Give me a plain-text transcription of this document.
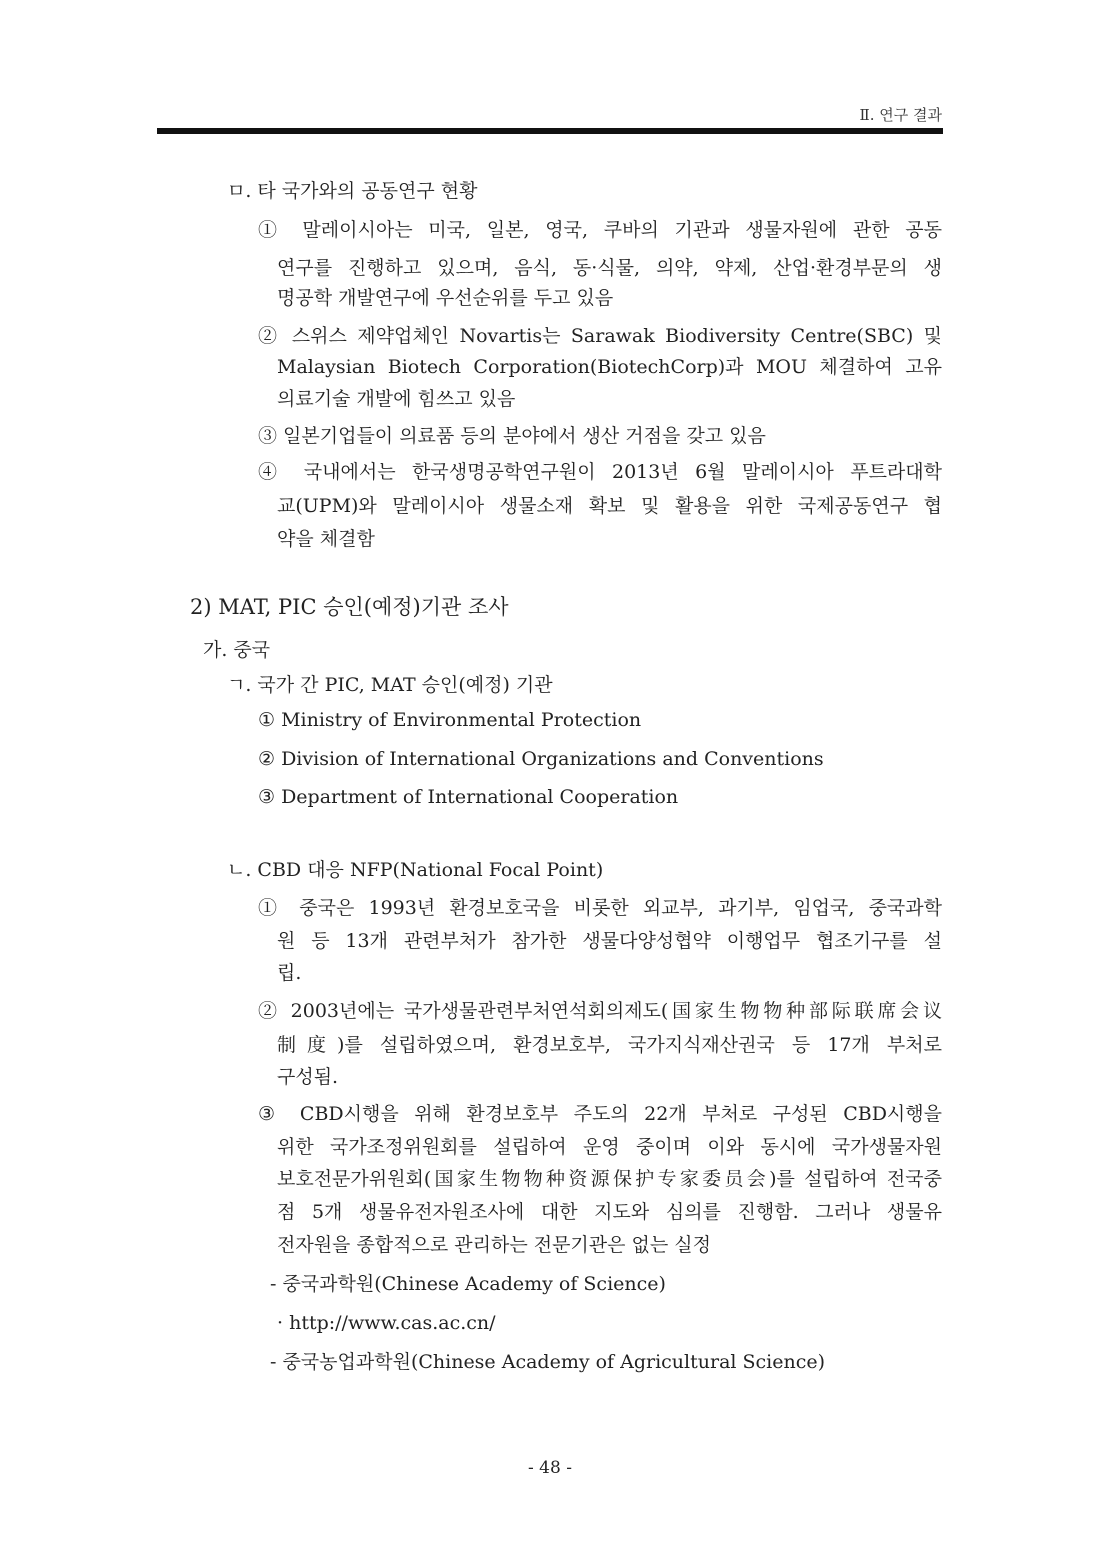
Ⅱ. 연구 결과
ㅁ. 타 국가와의 공동연구 현황
① 말레이시아는 미국, 일본, 영국, 쿠바의 기관과 생물자원에 관한 공동
연구를 진행하고 있으며, 음식, 동·식물, 의약, 약제, 산업·환경부문의 생
명공학 개발연구에 우선순위를 두고 있음
② 스위스 제약업체인 Novartis는 Sarawak Biodiversity Centre(SBC) 및
Malaysian Biotech Corporation(BiotechCorp)과 MOU 체결하여 고유
의료기술 개발에 힘쓰고 있음
③ 일본기업들이 의료품 등의 분야에서 생산 거점을 갖고 있음
④ 국내에서는 한국생명공학연구원이 2013년 6월 말레이시아 푸트라대학
교(UPM)와 말레이시아 생물소재 확보 및 활용을 위한 국제공동연구 협
약을 체결함
2) MAT, PIC 승인(예정)기관 조사
가. 중국
ㄱ. 국가 간 PIC, MAT 승인(예정) 기관
① Ministry of Environmental Protection
② Division of International Organizations and Conventions
③ Department of International Cooperation
ㄴ. CBD 대응 NFP(National Focal Point)
① 중국은 1993년 환경보호국을 비롯한 외교부, 과기부, 임업국, 중국과학
원 등 13개 관련부처가 참가한 생물다양성협약 이행업무 협조기구를 설
립.
② 2003년에는 국가생물관련부처연석회의제도(国家生物物种部际联席会议
制度)를 설립하였으며, 환경보호부, 국가지식재산권국 등 17개 부처로
구성됨.
③ CBD시행을 위해 환경보호부 주도의 22개 부처로 구성된 CBD시행을
위한 국가조정위원회를 설립하여 운영 중이며 이와 동시에 국가생물자원
보호전문가위원회(国家生物物种资源保护专家委员会)를 설립하여 전국중
점 5개 생물유전자원조사에 대한 지도와 심의를 진행함. 그러나 생물유
전자원을 종합적으로 관리하는 전문기관은 없는 실정
- 중국과학원(Chinese Academy of Science)
· http://www.cas.ac.cn/
- 중국농업과학원(Chinese Academy of Agricultural Science)
- 48 -
